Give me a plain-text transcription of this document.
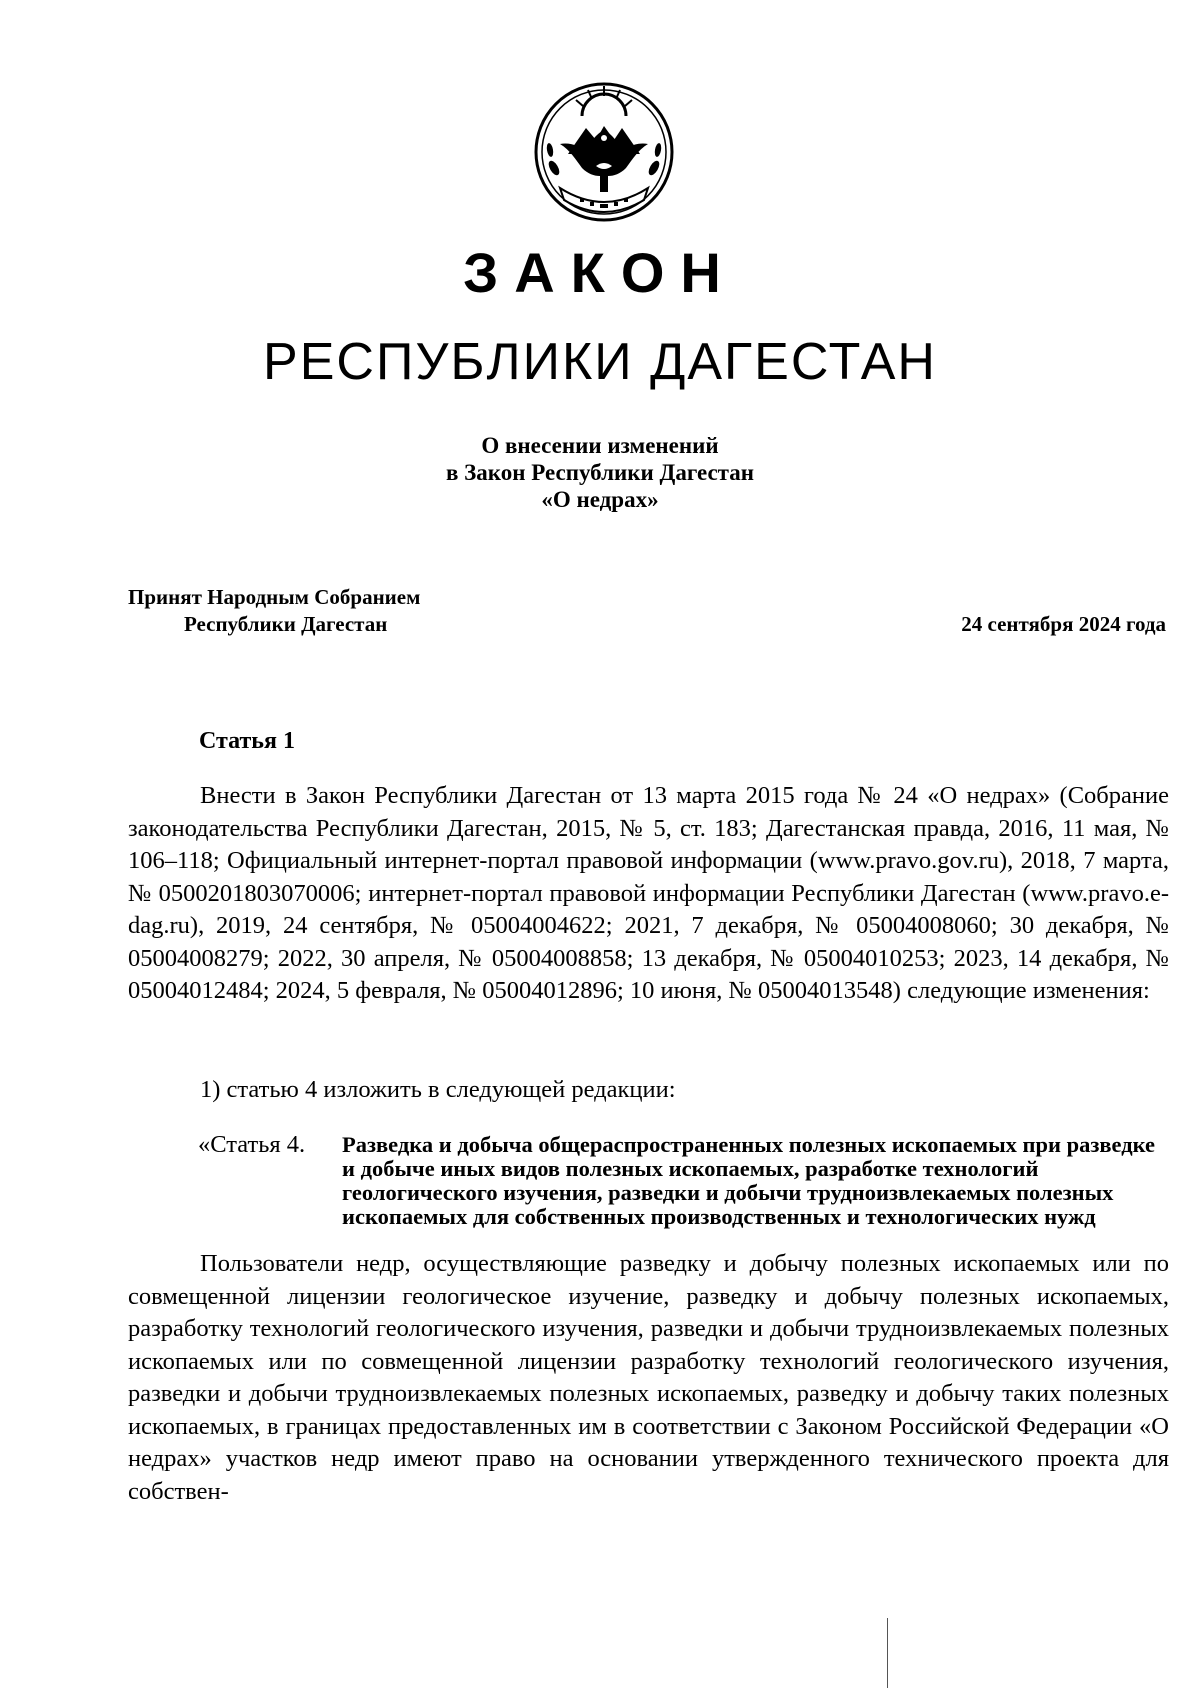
ЗАКОН
РЕСПУБЛИКИ ДАГЕСТАН
О внесении изменений
в Закон Республики Дагестан
«О недрах»
Принят Народным Собранием
Республики Дагестан	24 сентября 2024 года
Статья 1

Внести в Закон Республики Дагестан от 13 марта 2015 года № 24 «О недрах» (Собрание законодательства Республики Дагестан, 2015, № 5, ст. 183; Дагестанская правда, 2016, 11 мая, № 106–118; Официальный интернет-портал правовой информации (www.pravo.gov.ru), 2018, 7 марта, № 0500201803070006; интернет-портал правовой информации Республики Дагестан (www.pravo.e-dag.ru), 2019, 24 сентября, № 05004004622; 2021, 7 декабря, № 05004008060; 30 декабря, № 05004008279; 2022, 30 апреля, № 05004008858; 13 декабря, № 05004010253; 2023, 14 декабря, № 05004012484; 2024, 5 февраля, № 05004012896; 10 июня, № 05004013548) следующие изменения:

1) статью 4 изложить в следующей редакции:
«Статья 4. Разведка и добыча общераспространенных полезных ископаемых при разведке и добыче иных видов полезных ископаемых, разработке технологий геологического изучения, разведки и добычи трудноизвлекаемых полезных ископаемых для собственных производственных и технологических нужд

Пользователи недр, осуществляющие разведку и добычу полезных ископаемых или по совмещенной лицензии геологическое изучение, разведку и добычу полезных ископаемых, разработку технологий геологического изучения, разведки и добычи трудноизвлекаемых полезных ископаемых или по совмещенной лицензии разработку технологий геологического изучения, разведки и добычи трудноизвлекаемых полезных ископаемых, разведку и добычу таких полезных ископаемых, в границах предоставленных им в соответствии с Законом Российской Федерации «О недрах» участков недр имеют право на основании утвержденного технического проекта для собствен-
